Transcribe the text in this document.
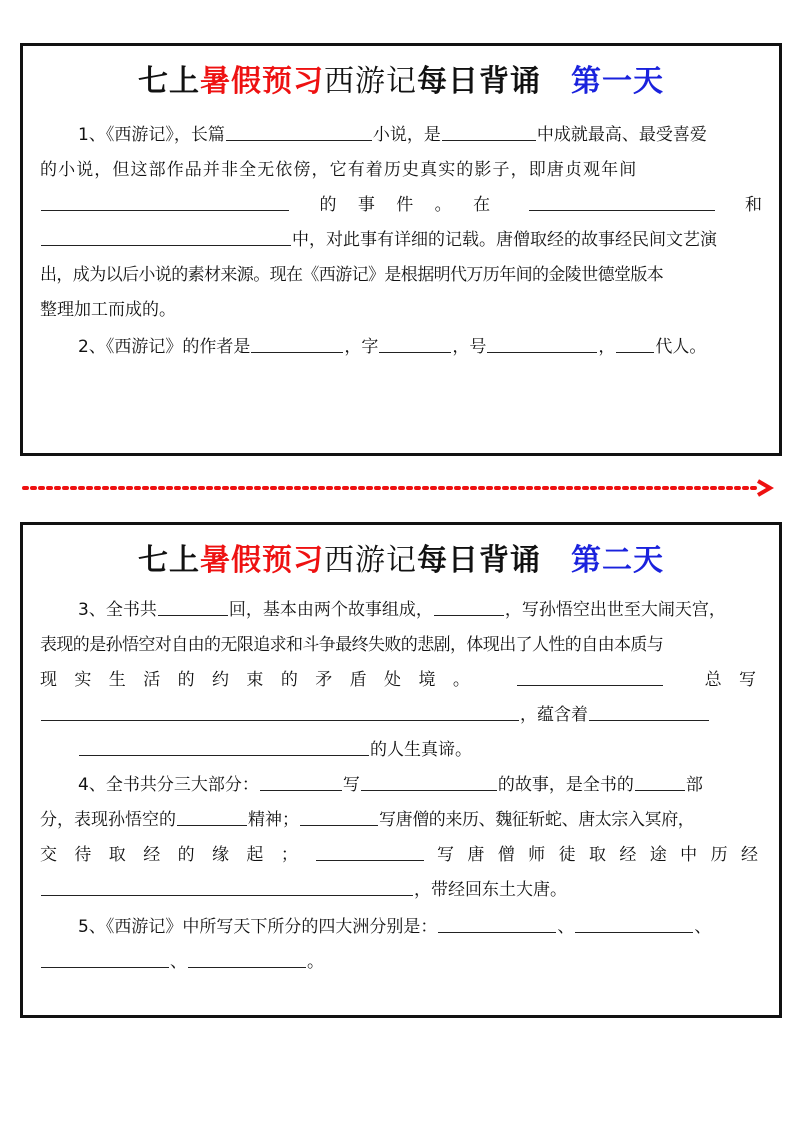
七上暑假预习西游记每日背诵 第一天
1、《西游记》，长篇	小说，是	中成就最高、最受喜爱
的小说，但这部作品并非全无依傍，它有着历史真实的影子，即唐贞观年间
的 事 件 。 在	和
中，对此事有详细的记载。唐僧取经的故事经民间文艺演
出，成为以后小说的素材来源。现在《西游记》是根据明代万历年间的金陵世德堂版本
整理加工而成的。
2、《西游记》的作者是	，字	，号	， 代人。
七上暑假预习西游记每日背诵 第二天
3、全书共	回，基本由两个故事组成，	，写孙悟空出世至大闹天宫，
表现的是孙悟空对自由的无限追求和斗争最终失败的悲剧，体现出了人性的自由本质与
现 实 生 活 的 约 束 的 矛 盾 处 境 。	总 写
，蕴含着
的人生真谛。
4、全书共分三大部分：	写	的故事，是全书的	部
分，表现孙悟空的	精神；	写唐僧的来历、魏征斩蛇、唐太宗入冥府，
交 待 取 经 的 缘 起 ；	写 唐 僧 师 徒 取 经 途 中 历 经
，带经回东土大唐。
5、《西游记》中所写天下所分的四大洲分别是：	、	、
、	。
